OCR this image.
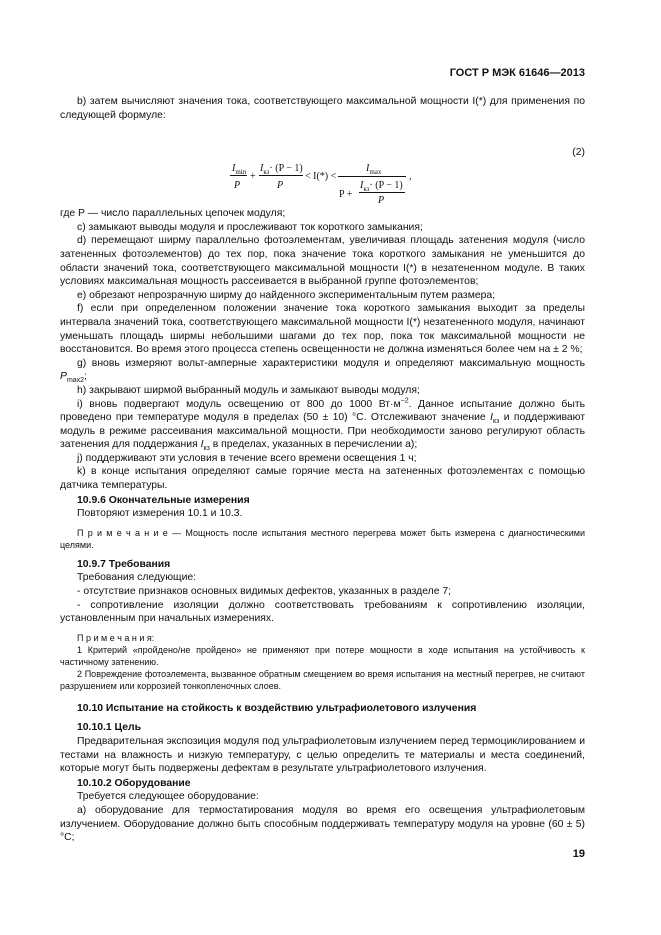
ГОСТ Р МЭК 61646—2013

b) затем вычисляют значения тока, соответствующего максимальной мощности I(*) для применения по следующей формуле:

$I_{min}$
P
+
$I_{кз}\cdot (P - 1)$
P
< I(*) <
$I_{max}$
P +
$I_{кз}\cdot (P - 1)$
P
,
(2)

где P — число параллельных цепочек модуля;

c) замыкают выводы модуля и прослеживают ток короткого замыкания;

d) перемещают ширму параллельно фотоэлементам, увеличивая площадь затенения модуля (число затененных фотоэлементов) до тех пор, пока значение тока короткого замыкания не уменьшится до области значений тока, соответствующего максимальной мощности I(*) в незатененном модуле. В таких условиях максимальная мощность рассеивается в выбранной группе фотоэлементов;

e) обрезают непрозрачную ширму до найденного экспериментальным путем размера;

f) если при определенном положении значение тока короткого замыкания выходит за пределы интервала значений тока, соответствующего максимальной мощности I(*) незатененного модуля, начинают уменьшать площадь ширмы небольшими шагами до тех пор, пока ток максимальной мощности не восстановится. Во время этого процесса степень освещенности не должна изменяться более чем на ± 2 %;

g) вновь измеряют вольт-амперные характеристики модуля и определяют максимальную мощность $P_{max2}$;

h) закрывают ширмой выбранный модуль и замыкают выводы модуля;

i) вновь подвергают модуль освещению от 800 до 1000 $Вт\cdot м^{-2}$. Данное испытание должно быть проведено при температуре модуля в пределах (50 ± 10) °С. Отслеживают значение $I_{кз}$ и поддерживают модуль в режиме рассеивания максимальной мощности. При необходимости заново регулируют область затенения для поддержания $I_{кз}$ в пределах, указанных в перечислении а);

j) поддерживают эти условия в течение всего времени освещения 1 ч;

k) в конце испытания определяют самые горячие места на затененных фотоэлементах с помощью датчика температуры.

10.9.6 Окончательные измерения

Повторяют измерения 10.1 и 10.3.

П р и м е ч а н и е — Мощность после испытания местного перегрева может быть измерена с диагностическими целями.

10.9.7 Требования

Требования следующие:

- отсутствие признаков основных видимых дефектов, указанных в разделе 7;

- сопротивление изоляции должно соответствовать требованиям к сопротивлению изоляции, установленным при начальных измерениях.

П р и м е ч а н и я:

1 Критерий «пройдено/не пройдено» не применяют при потере мощности в ходе испытания на устойчивость к частичному затенению.

2 Повреждение фотоэлемента, вызванное обратным смещением во время испытания на местный перегрев, не считают разрушением или коррозией тонкопленочных слоев.

10.10 Испытание на стойкость к воздействию ультрафиолетового излучения

10.10.1 Цель

Предварительная экспозиция модуля под ультрафиолетовым излучением перед термоциклированием и тестами на влажность и низкую температуру, с целью определить те материалы и места соединений, которые могут быть подвержены дефектам в результате ультрафиолетового излучения.

10.10.2 Оборудование

Требуется следующее оборудование:

а) оборудование для термостатирования модуля во время его освещения ультрафиолетовым излучением. Оборудование должно быть способным поддерживать температуру модуля на уровне (60 ± 5) °С;

19
